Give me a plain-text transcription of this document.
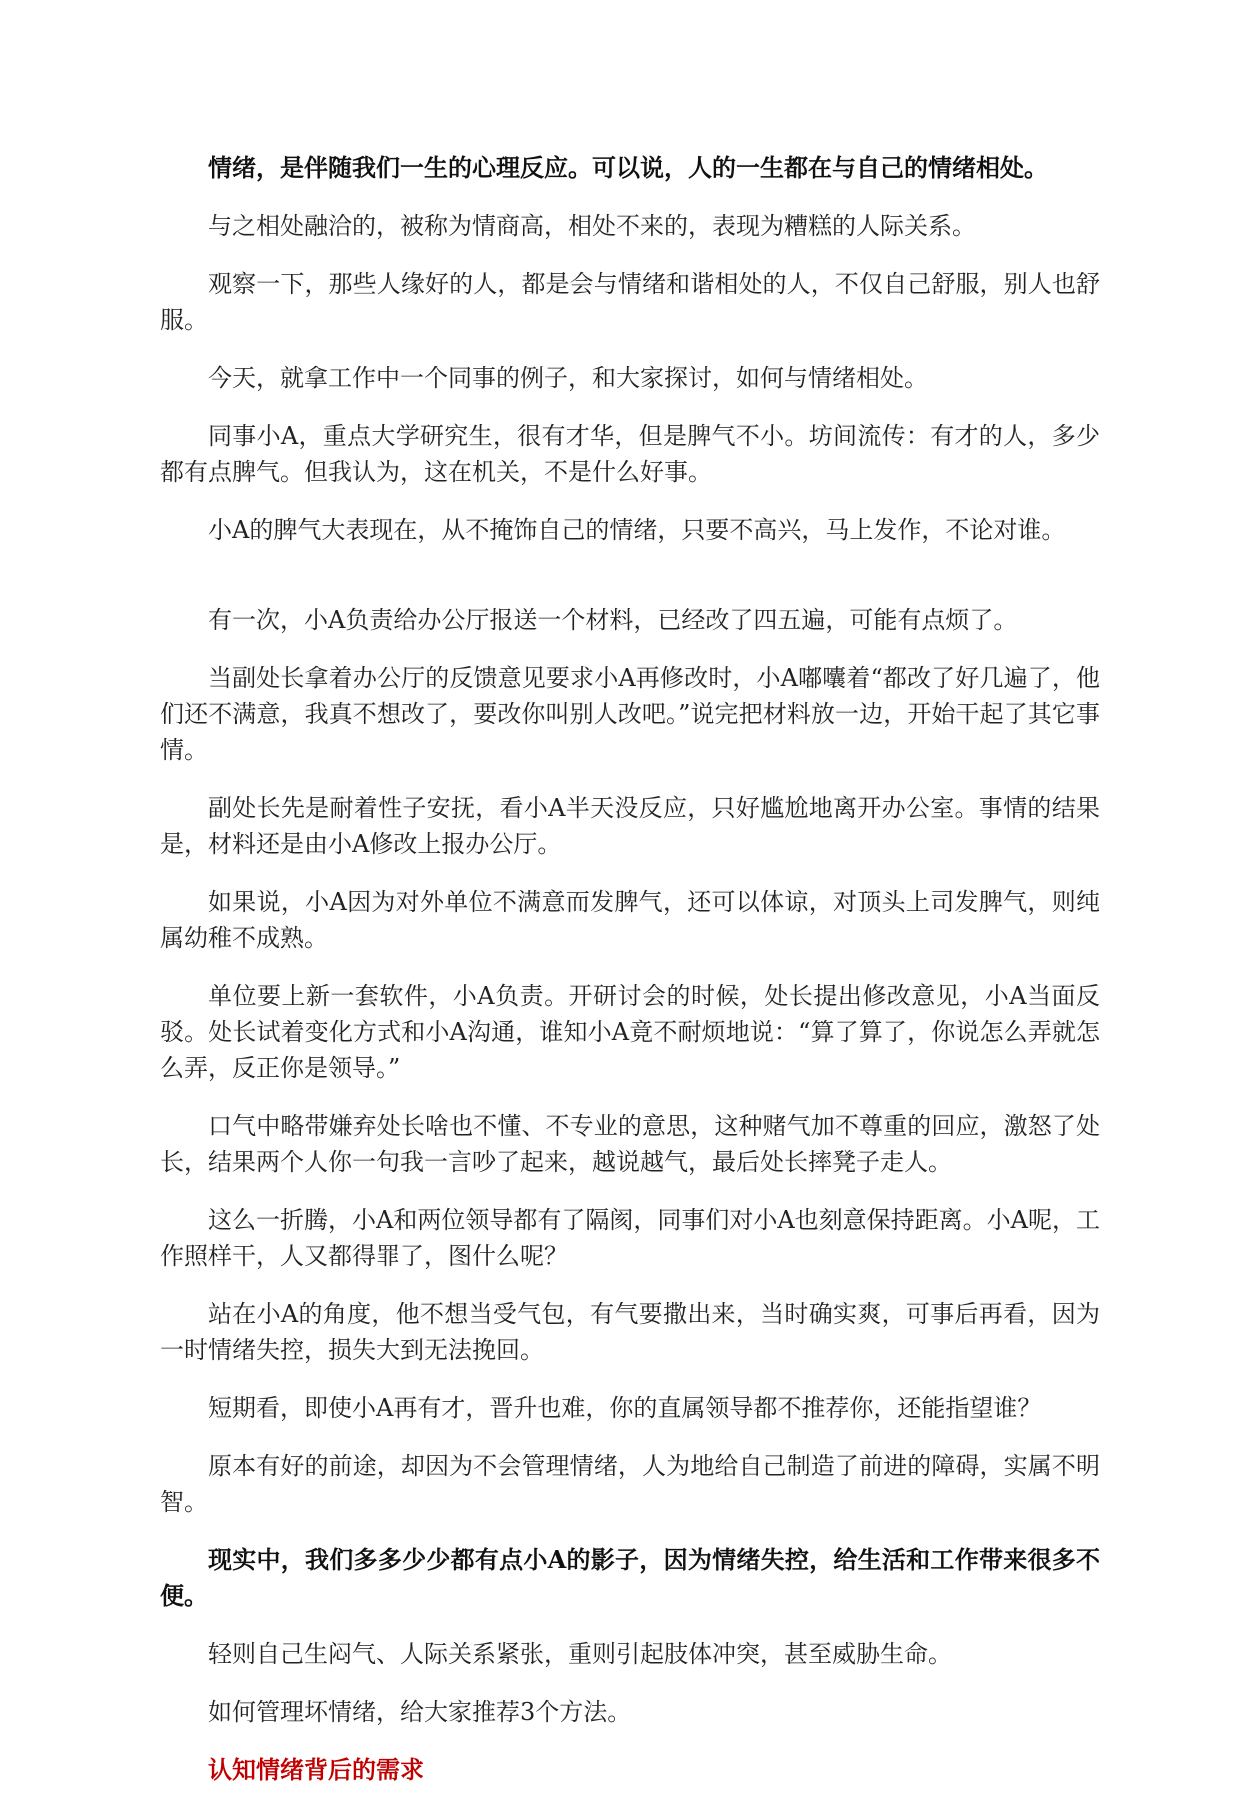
情绪，是伴随我们一生的心理反应。可以说，人的一生都在与自己的情绪相处。

与之相处融洽的，被称为情商高，相处不来的，表现为糟糕的人际关系。

观察一下，那些人缘好的人，都是会与情绪和谐相处的人，不仅自己舒服，别人也舒服。

今天，就拿工作中一个同事的例子，和大家探讨，如何与情绪相处。

同事小A，重点大学研究生，很有才华，但是脾气不小。坊间流传：有才的人，多少都有点脾气。但我认为，这在机关，不是什么好事。

小A的脾气大表现在，从不掩饰自己的情绪，只要不高兴，马上发作，不论对谁。

有一次，小A负责给办公厅报送一个材料，已经改了四五遍，可能有点烦了。

当副处长拿着办公厅的反馈意见要求小A再修改时，小A嘟囔着“都改了好几遍了，他们还不满意，我真不想改了，要改你叫别人改吧。”说完把材料放一边，开始干起了其它事情。

副处长先是耐着性子安抚，看小A半天没反应，只好尴尬地离开办公室。事情的结果是，材料还是由小A修改上报办公厅。

如果说，小A因为对外单位不满意而发脾气，还可以体谅，对顶头上司发脾气，则纯属幼稚不成熟。

单位要上新一套软件，小A负责。开研讨会的时候，处长提出修改意见，小A当面反驳。处长试着变化方式和小A沟通，谁知小A竟不耐烦地说：“算了算了，你说怎么弄就怎么弄，反正你是领导。”

口气中略带嫌弃处长啥也不懂、不专业的意思，这种赌气加不尊重的回应，激怒了处长，结果两个人你一句我一言吵了起来，越说越气，最后处长摔凳子走人。

这么一折腾，小A和两位领导都有了隔阂，同事们对小A也刻意保持距离。小A呢，工作照样干，人又都得罪了，图什么呢？

站在小A的角度，他不想当受气包，有气要撒出来，当时确实爽，可事后再看，因为一时情绪失控，损失大到无法挽回。

短期看，即使小A再有才，晋升也难，你的直属领导都不推荐你，还能指望谁？

原本有好的前途，却因为不会管理情绪，人为地给自己制造了前进的障碍，实属不明智。

现实中，我们多多少少都有点小A的影子，因为情绪失控，给生活和工作带来很多不便。

轻则自己生闷气、人际关系紧张，重则引起肢体冲突，甚至威胁生命。

如何管理坏情绪，给大家推荐3个方法。

认知情绪背后的需求
